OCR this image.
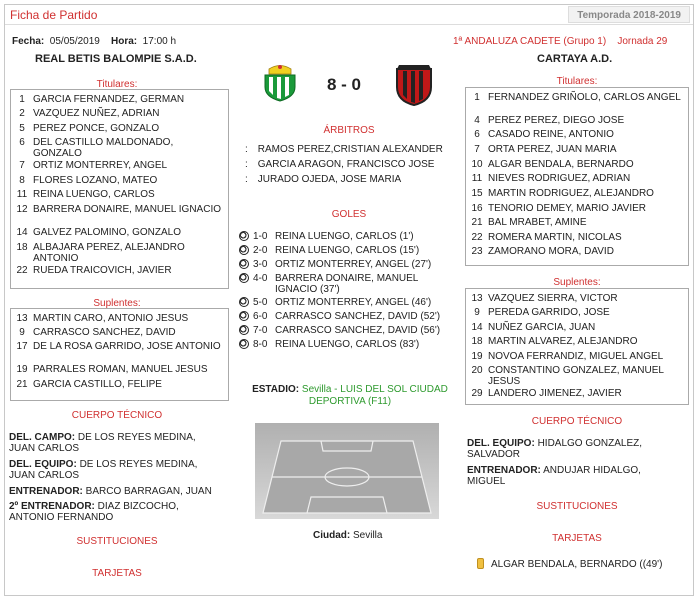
Ficha de Partido	Temporada 2018-2019
Fecha: 05/05/2019 Hora: 17:00 h	1ª ANDALUZA CADETE (Grupo 1) Jornada 29
REAL BETIS BALOMPIE S.A.D.	CARTAYA A.D.
8 - 0
Titulares:
1 GARCIA FERNANDEZ, GERMAN
2 VAZQUEZ NUÑEZ, ADRIAN
5 PEREZ PONCE, GONZALO
6 DEL CASTILLO MALDONADO, GONZALO
7 ORTIZ MONTERREY, ANGEL
8 FLORES LOZANO, MATEO
11 REINA LUENGO, CARLOS
12 BARRERA DONAIRE, MANUEL IGNACIO
14 GALVEZ PALOMINO, GONZALO
18 ALBAJARA PEREZ, ALEJANDRO ANTONIO
22 RUEDA TRAICOVICH, JAVIER
Suplentes:
13 MARTIN CARO, ANTONIO JESUS
9 CARRASCO SANCHEZ, DAVID
17 DE LA ROSA GARRIDO, JOSE ANTONIO
19 PARRALES ROMAN, MANUEL JESUS
21 GARCIA CASTILLO, FELIPE
CUERPO TÉCNICO
DEL. CAMPO: DE LOS REYES MEDINA, JUAN CARLOS
DEL. EQUIPO: DE LOS REYES MEDINA, JUAN CARLOS
ENTRENADOR: BARCO BARRAGAN, JUAN
2º ENTRENADOR: DIAZ BIZCOCHO, ANTONIO FERNANDO
SUSTITUCIONES
TARJETAS
Titulares:
1 FERNANDEZ GRIÑOLO, CARLOS ANGEL
4 PEREZ PEREZ, DIEGO JOSE
6 CASADO REINE, ANTONIO
7 ORTA PEREZ, JUAN MARIA
10 ALGAR BENDALA, BERNARDO
11 NIEVES RODRIGUEZ, ADRIAN
15 MARTIN RODRIGUEZ, ALEJANDRO
16 TENORIO DEMEY, MARIO JAVIER
21 BAL MRABET, AMINE
22 ROMERA MARTIN, NICOLAS
23 ZAMORANO MORA, DAVID
Suplentes:
13 VAZQUEZ SIERRA, VICTOR
9 PEREDA GARRIDO, JOSE
14 NUÑEZ GARCIA, JUAN
18 MARTIN ALVAREZ, ALEJANDRO
19 NOVOA FERRANDIZ, MIGUEL ANGEL
20 CONSTANTINO GONZALEZ, MANUEL JESUS
29 LANDERO JIMENEZ, JAVIER
CUERPO TÉCNICO
DEL. EQUIPO: HIDALGO GONZALEZ, SALVADOR
ENTRENADOR: ANDUJAR HIDALGO, MIGUEL
SUSTITUCIONES
TARJETAS
ALGAR BENDALA, BERNARDO ((49')
ÁRBITROS
: RAMOS PEREZ,CRISTIAN ALEXANDER
: GARCIA ARAGON, FRANCISCO JOSE
: JURADO OJEDA, JOSE MARIA
GOLES
1-0 REINA LUENGO, CARLOS (1')
2-0 REINA LUENGO, CARLOS (15')
3-0 ORTIZ MONTERREY, ANGEL (27')
4-0 BARRERA DONAIRE, MANUEL IGNACIO (37')
5-0 ORTIZ MONTERREY, ANGEL (46')
6-0 CARRASCO SANCHEZ, DAVID (52')
7-0 CARRASCO SANCHEZ, DAVID (56')
8-0 REINA LUENGO, CARLOS (83')
ESTADIO: Sevilla - LUIS DEL SOL CIUDAD DEPORTIVA (F11)
Ciudad: Sevilla
